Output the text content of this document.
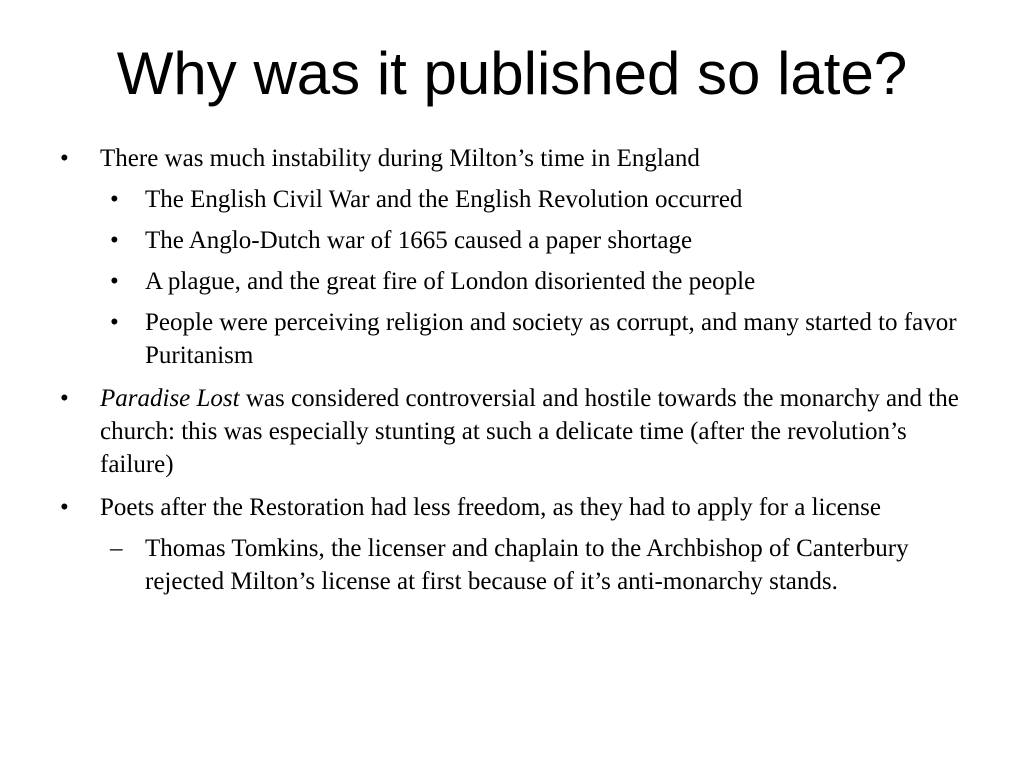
Why was it published so late?
• There was much instability during Milton’s time in England
• The English Civil War and the English Revolution occurred
• The Anglo-Dutch war of 1665 caused a paper shortage
• A plague, and the great fire of London disoriented the people
• People were perceiving religion and society as corrupt, and many started to favor Puritanism
• Paradise Lost was considered controversial and hostile towards the monarchy and the church: this was especially stunting at such a delicate time (after the revolution’s failure)
• Poets after the Restoration had less freedom, as they had to apply for a license
– Thomas Tomkins, the licenser and chaplain to the Archbishop of Canterbury rejected Milton’s license at first because of it’s anti-monarchy stands.
